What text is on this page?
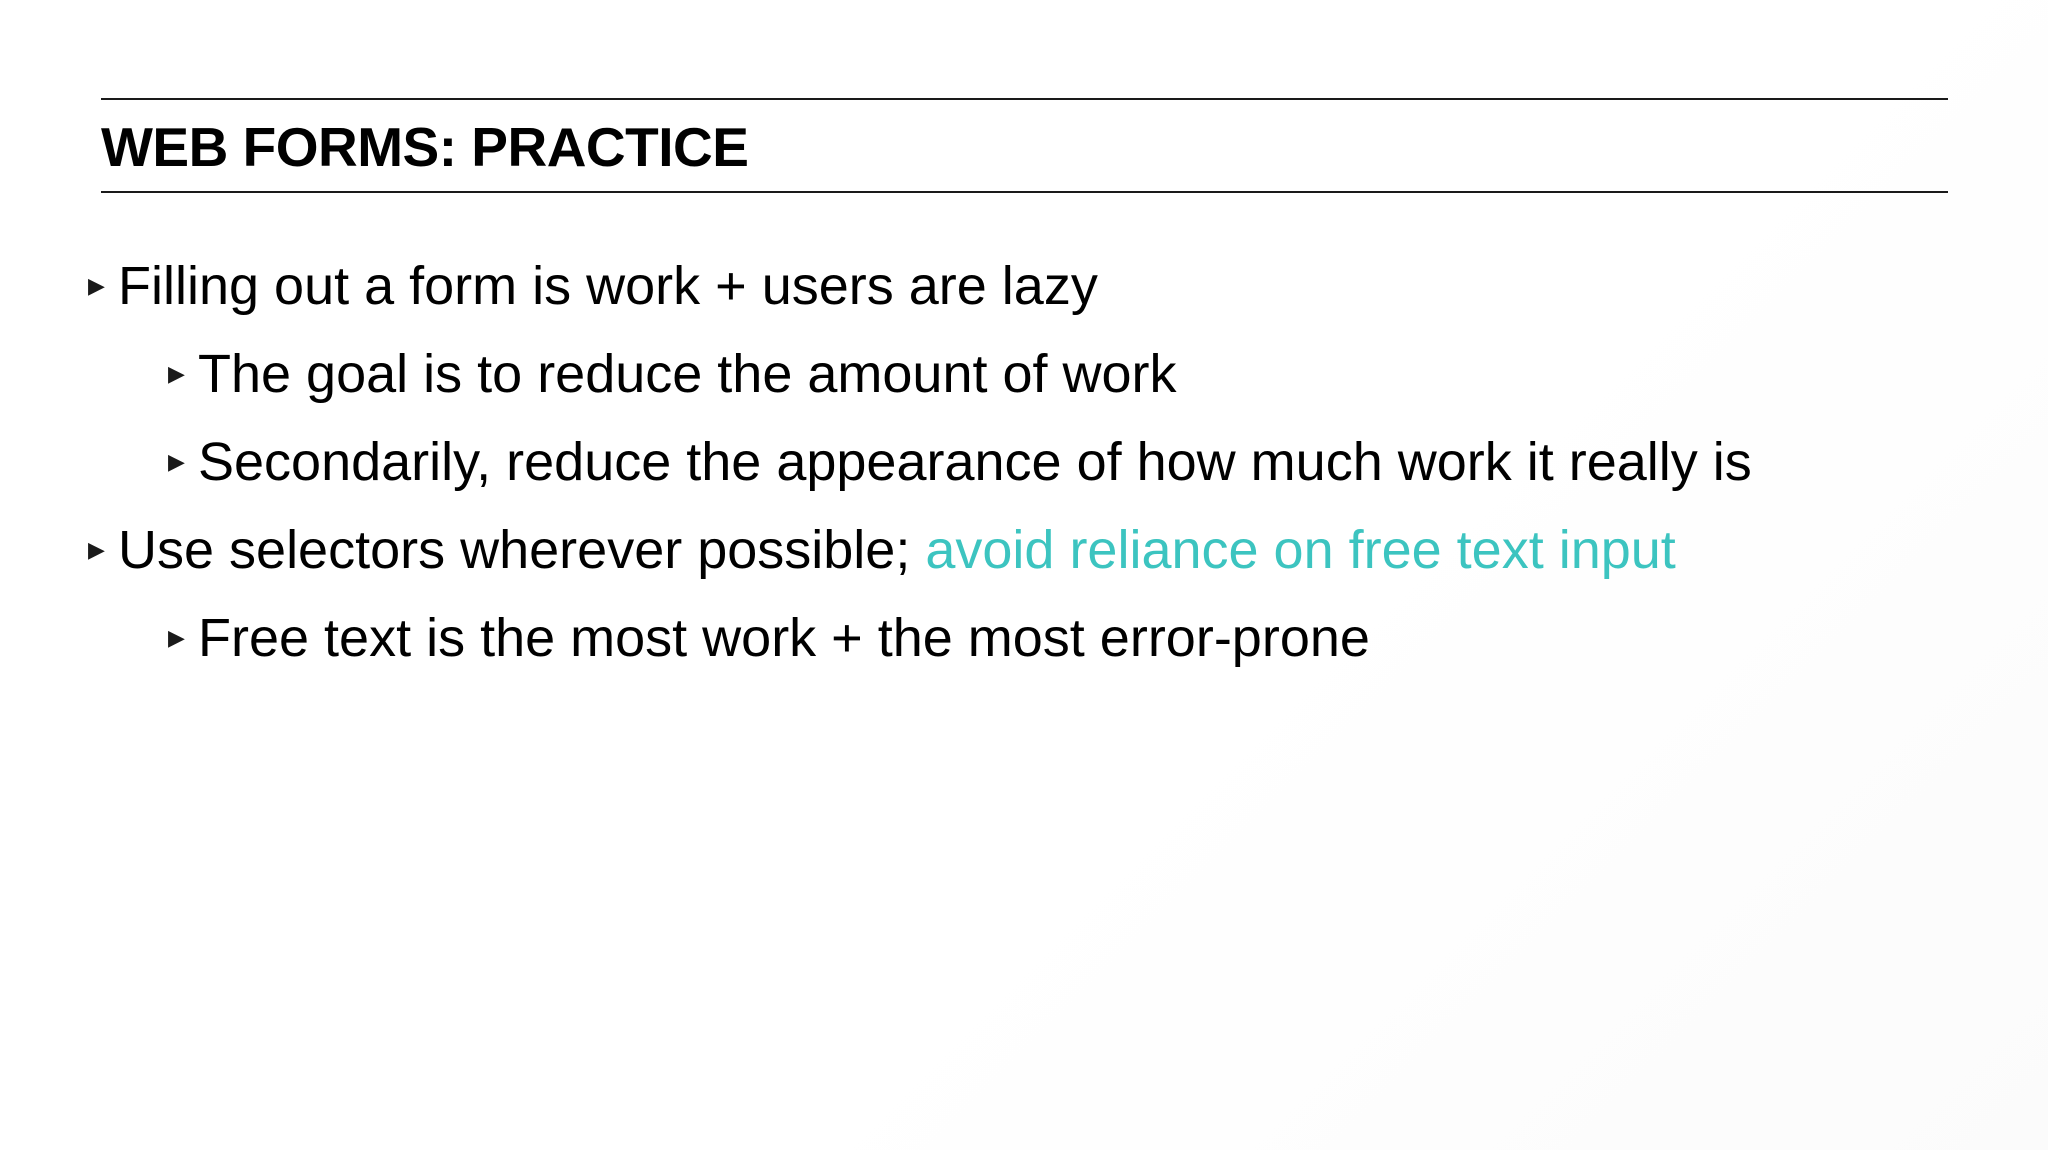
WEB FORMS: PRACTICE
▶ Filling out a form is work + users are lazy
▶ The goal is to reduce the amount of work
▶ Secondarily, reduce the appearance of how much work it really is
▶ Use selectors wherever possible; avoid reliance on free text input
▶ Free text is the most work + the most error-prone
